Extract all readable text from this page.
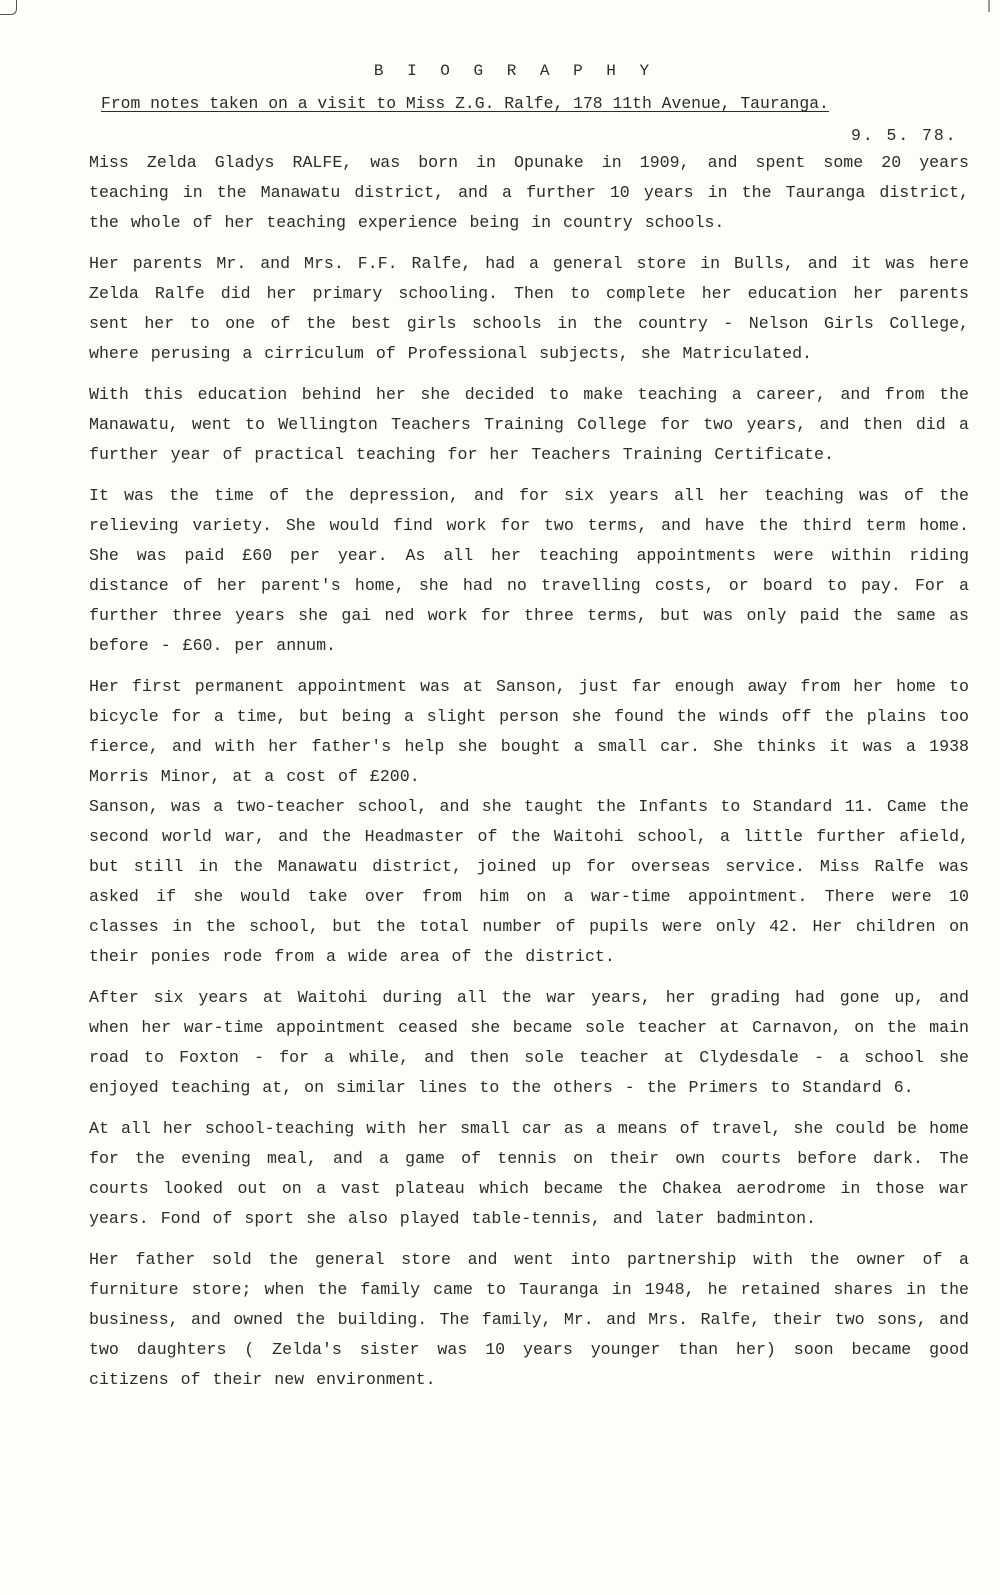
B I O G R A P H Y
From notes taken on a visit to Miss Z.G. Ralfe, 178 11th Avenue, Tauranga.
9. 5. 78.

Miss Zelda Gladys RALFE, was born in Opunake in 1909, and spent some 20 years teaching in the Manawatu district, and a further 10 years in the Tauranga district, the whole of her teaching experience being in country schools.

Her parents Mr. and Mrs. F.F. Ralfe, had a general store in Bulls, and it was here Zelda Ralfe did her primary schooling. Then to complete her education her parents sent her to one of the best girls schools in the country - Nelson Girls College, where perusing a cirriculum of Professional subjects, she Matriculated.

With this education behind her she decided to make teaching a career, and from the Manawatu, went to Wellington Teachers Training College for two years, and then did a further year of practical teaching for her Teachers Training Certificate.

It was the time of the depression, and for six years all her teaching was of the relieving variety. She would find work for two terms, and have the third term home. She was paid £60 per year. As all her teaching appointments were within riding distance of her parent's home, she had no travelling costs, or board to pay. For a further three years she gai ned work for three terms, but was only paid the same as before - £60. per annum.

Her first permanent appointment was at Sanson, just far enough away from her home to bicycle for a time, but being a slight person she found the winds off the plains too fierce, and with her father's help she bought a small car. She thinks it was a 1938 Morris Minor, at a cost of £200.

Sanson, was a two-teacher school, and she taught the Infants to Standard 11. Came the second world war, and the Headmaster of the Waitohi school, a little further afield, but still in the Manawatu district, joined up for overseas service. Miss Ralfe was asked if she would take over from him on a war-time appointment. There were 10 classes in the school, but the total number of pupils were only 42. Her children on their ponies rode from a wide area of the district.

After six years at Waitohi during all the war years, her grading had gone up, and when her war-time appointment ceased she became sole teacher at Carnavon, on the main road to Foxton - for a while, and then sole teacher at Clydesdale - a school she enjoyed teaching at, on similar lines to the others - the Primers to Standard 6.

At all her school-teaching with her small car as a means of travel, she could be home for the evening meal, and a game of tennis on their own courts before dark. The courts looked out on a vast plateau which became the Chakea aerodrome in those war years. Fond of sport she also played table-tennis, and later badminton.

Her father sold the general store and went into partnership with the owner of a furniture store; when the family came to Tauranga in 1948, he retained shares in the business, and owned the building. The family, Mr. and Mrs. Ralfe, their two sons, and two daughters ( Zelda's sister was 10 years younger than her) soon became good citizens of their new environment.
